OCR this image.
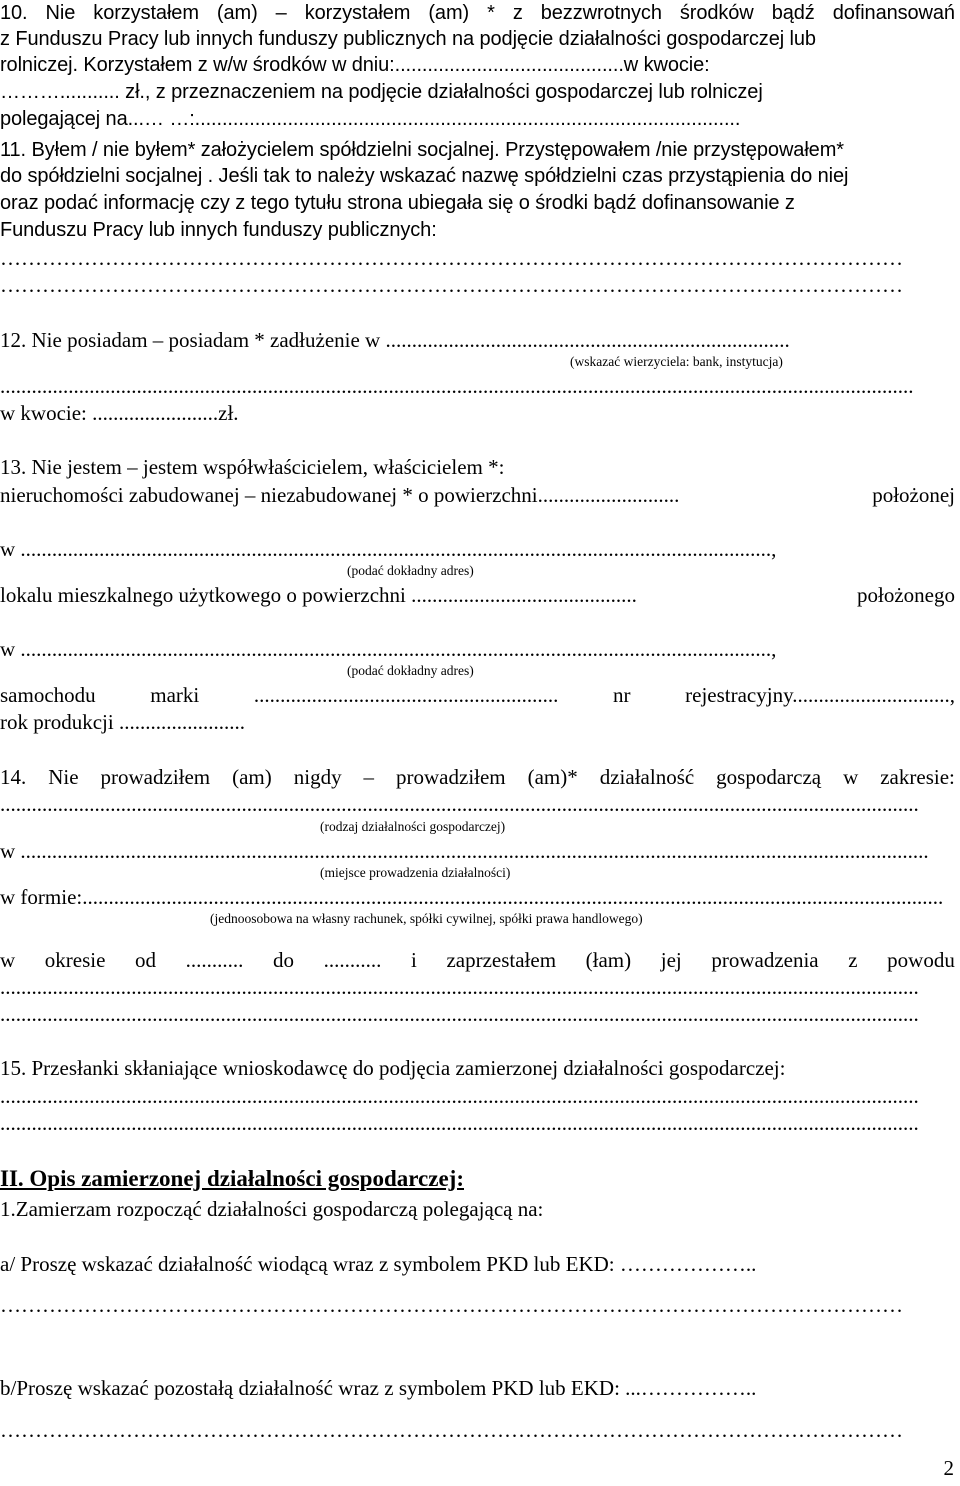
10. Nie korzystałem (am) – korzystałem (am) * z bezzwrotnych środków bądź dofinansowań
z Funduszu Pracy lub innych funduszy publicznych na podjęcie działalności gospodarczej lub
rolniczej. Korzystałem z w/w środków w dniu:..........................................w kwocie:
………........... zł., z przeznaczeniem na podjęcie działalności gospodarczej lub rolniczej
polegającej na...… …:....................................................................................................
11. Byłem / nie byłem* założycielem spółdzielni socjalnej. Przystępowałem /nie przystępowałem*
do spółdzielni socjalnej . Jeśli tak to należy wskazać nazwę spółdzielni czas przystąpienia do niej
oraz podać informację czy z tego tytułu strona ubiegała się o środki bądź dofinansowanie z
Funduszu Pracy lub innych funduszy publicznych:
…………………………………………………………………………………………………………………
…………………………………………………………………………………………………………………
12. Nie posiadam – posiadam * zadłużenie w .............................................................................
(wskazać wierzyciela: bank, instytucja)
..............................................................................................................................................................................
w kwocie: ........................zł.
13. Nie jestem – jestem współwłaścicielem, właścicielem *:
nieruchomości zabudowanej – niezabudowanej * o powierzchni...........................	położonej
w ...............................................................................................................................................,
(podać dokładny adres)
lokalu mieszkalnego użytkowego o powierzchni ...........................................	położonego
w ...............................................................................................................................................,
(podać dokładny adres)
samochodu	marki	..........................................................	nr	rejestracyjny..............................,
rok produkcji ........................
14. Nie prowadziłem (am) nigdy – prowadziłem (am)* działalność gospodarczą w zakresie:
...............................................................................................................................................................................
(rodzaj działalności gospodarczej)
w .............................................................................................................................................................................
(miejsce prowadzenia działalności)
w formie:....................................................................................................................................................................
(jednoosobowa na własny rachunek, spółki cywilnej, spółki prawa handlowego)
w okresie od ........... do ........... i zaprzestałem (łam) jej prowadzenia z powodu
...............................................................................................................................................................................
...............................................................................................................................................................................
15. Przesłanki skłaniające wnioskodawcę do podjęcia zamierzonej działalności gospodarczej:
...............................................................................................................................................................................
...............................................................................................................................................................................
II. Opis zamierzonej działalności gospodarczej:
1.Zamierzam rozpocząć działalności gospodarczą polegającą na:
a/ Proszę wskazać działalność wiodącą wraz z symbolem PKD lub EKD: ………………..
…………………………………………………………………………………………………………………
b/Proszę wskazać pozostałą działalność wraz z symbolem PKD lub EKD: ...……………..
…………………………………………………………………………………………………………………
2
